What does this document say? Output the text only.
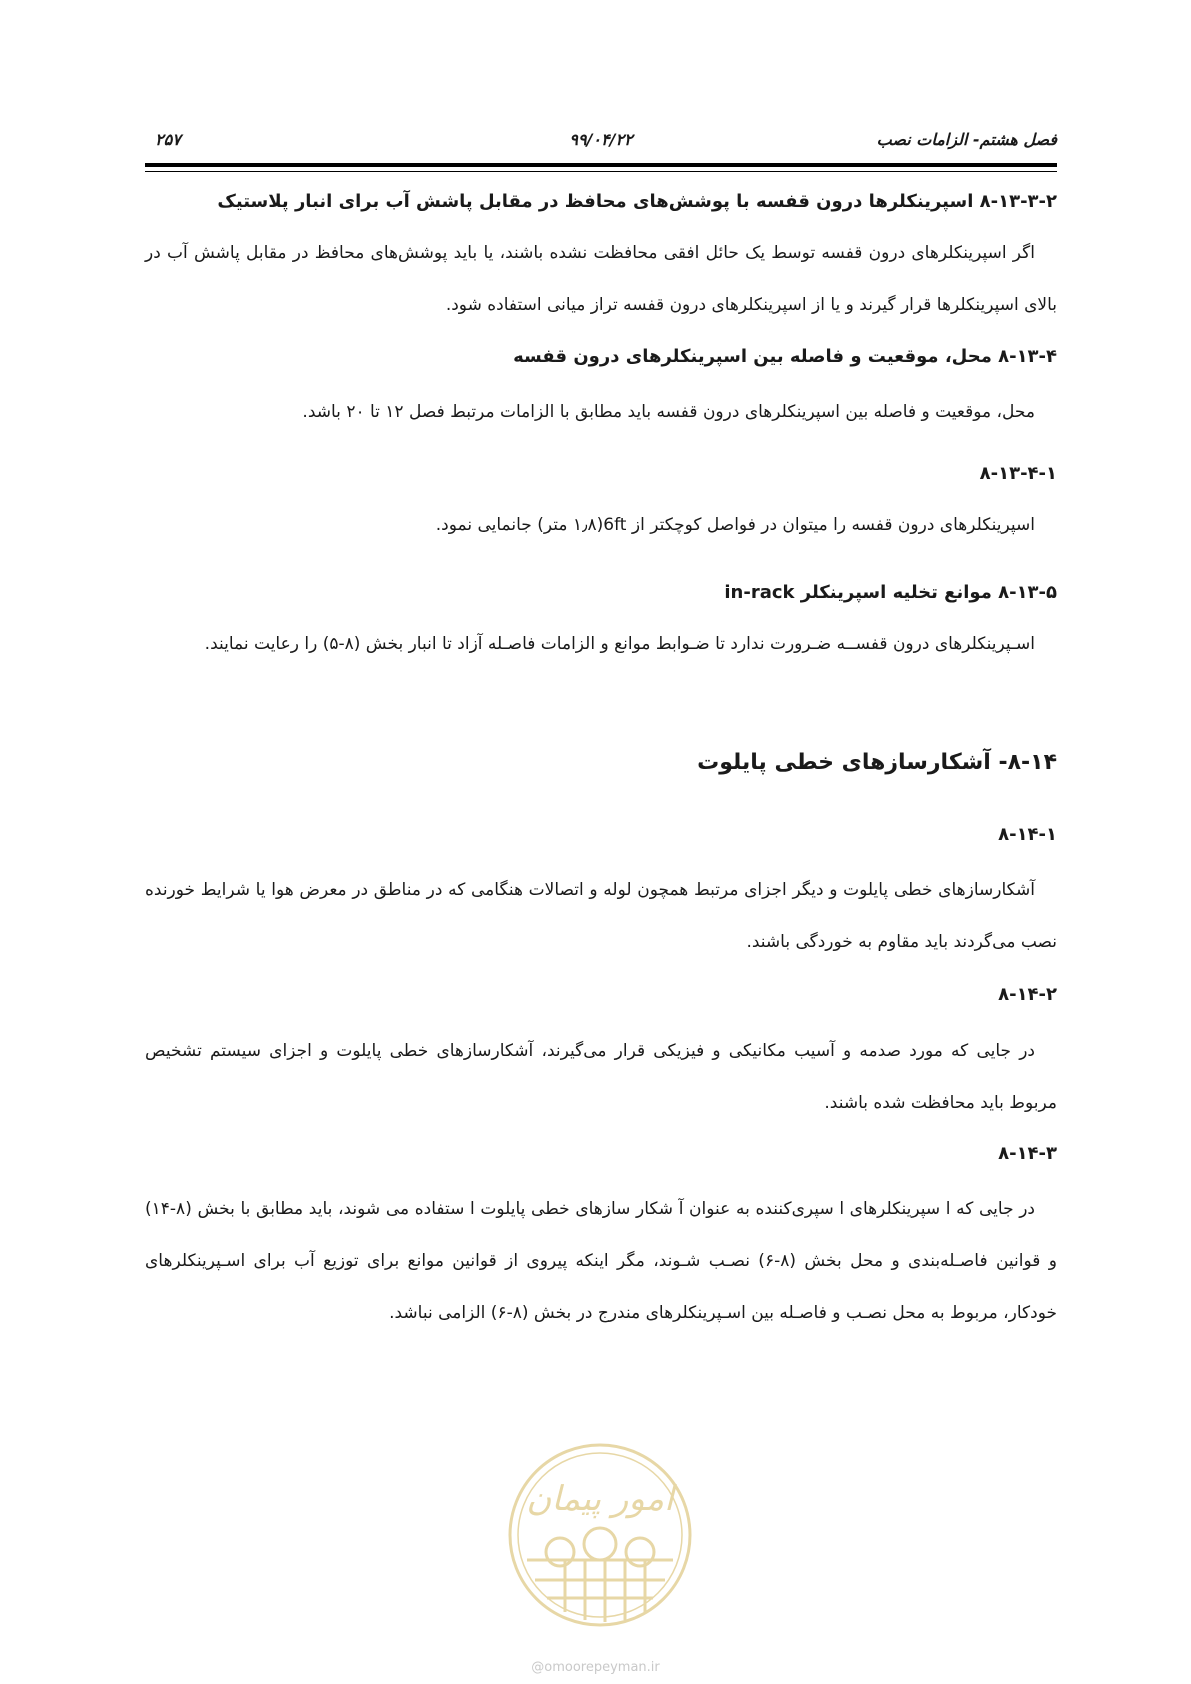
۲۵۷	۹۹/۰۴/۲۲	فصل هشتم- الزامات نصب
۸-۱۳-۳-۲ اسپرینکلرها درون قفسه با پوشش‌های محافظ در مقابل پاشش آب برای انبار پلاستیک

اگر اسپرینکلرهای درون قفسه توسط یک حائل افقی محافظت نشده باشند، یا باید پوشش‌های محافظ در مقابل پاشش آب در بالای اسپرینکلرها قرار گیرند و یا از اسپرینکلرهای درون قفسه تراز میانی استفاده شود.

۸-۱۳-۴ محل، موقعیت و فاصله بین اسپرینکلرهای درون قفسه

محل، موقعیت و فاصله بین اسپرینکلرهای درون قفسه باید مطابق با الزامات مرتبط فصل ۱۲ تا ۲۰ باشد.

۸-۱۳-۴-۱

اسپرینکلرهای درون قفسه را میتوان در فواصل کوچکتر از 6ft(۱٫۸ متر) جانمایی نمود.

۸-۱۳-۵ موانع تخلیه اسپرینکلر in-rack

اسـپرینکلرهای درون قفســه ضـرورت ندارد تا ضـوابط موانع و الزامات فاصـله آزاد تا انبار بخش (۸-۵) را رعایت نمایند.

۸-۱۴- آشکارسازهای خطی پایلوت
۸-۱۴-۱

آشکارسازهای خطی پایلوت و دیگر اجزای مرتبط همچون لوله و اتصالات هنگامی که در مناطق در معرض هوا یا شرایط خورنده نصب می‌گردند باید مقاوم به خوردگی باشند.

۸-۱۴-۲

در جایی که مورد صدمه و آسیب مکانیکی و فیزیکی قرار می‌گیرند، آشکارسازهای خطی پایلوت و اجزای سیستم تشخیص مربوط باید محافظت شده باشند.

۸-۱۴-۳

در جایی که ا سپرینکلرهای ا سپری‌کننده به عنوان آ شکار سازهای خطی پایلوت ا ستفاده می شوند، باید مطابق با بخش (۸-۱۴) و قوانین فاصـله‌بندی و محل بخش (۸-۶) نصـب شـوند، مگر اینکه پیروی از قوانین موانع برای توزیع آب برای اسـپرینکلرهای خودکار، مربوط به محل نصـب و فاصـله بین اسـپرینکلرهای مندرج در بخش (۸-۶) الزامی نباشد.

امور پیمان
@omoorepeyman.ir
